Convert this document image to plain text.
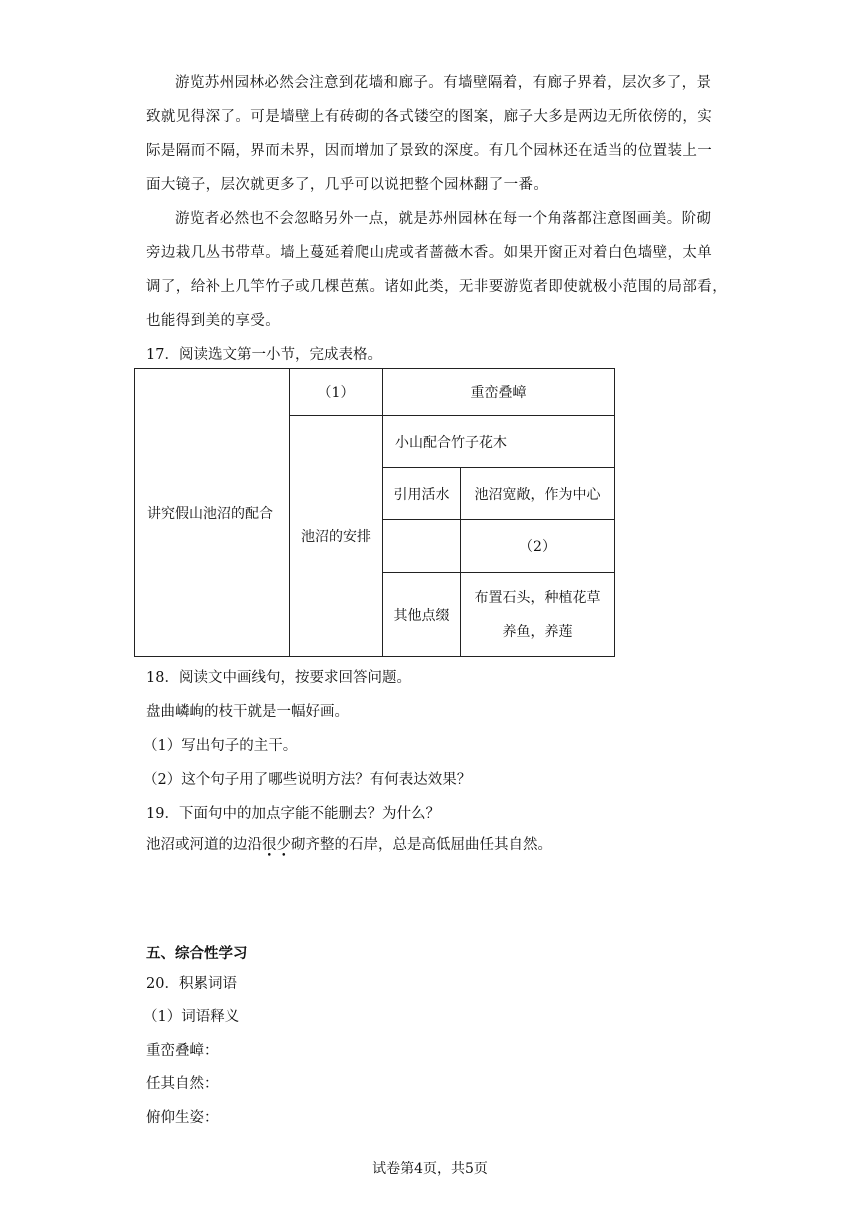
游览苏州园林必然会注意到花墙和廊子。有墙壁隔着，有廊子界着，层次多了，景
致就见得深了。可是墙壁上有砖砌的各式镂空的图案，廊子大多是两边无所依傍的，实
际是隔而不隔，界而未界，因而增加了景致的深度。有几个园林还在适当的位置装上一
面大镜子，层次就更多了，几乎可以说把整个园林翻了一番。
游览者必然也不会忽略另外一点，就是苏州园林在每一个角落都注意图画美。阶砌
旁边栽几丛书带草。墙上蔓延着爬山虎或者蔷薇木香。如果开窗正对着白色墙壁，太单
调了，给补上几竿竹子或几棵芭蕉。诸如此类，无非要游览者即使就极小范围的局部看，
也能得到美的享受。
17．阅读选文第一小节，完成表格。
讲究假山池沼的配合	（1）	重峦叠嶂	
	池沼的安排	小山配合竹子花木	
		引用活水	池沼宽敞，作为中心
			（2）
		其他点缀	布置石头，种植花草
养鱼，养莲
18．阅读文中画线句，按要求回答问题。
盘曲嶙峋的枝干就是一幅好画。
（1）写出句子的主干。
（2）这个句子用了哪些说明方法？有何表达效果？
19．下面句中的加点字能不能删去？为什么？
池沼或河道的边沿很少砌齐整的石岸，总是高低屈曲任其自然。
五、综合性学习
20．积累词语
（1）词语释义
重峦叠嶂：
任其自然：
俯仰生姿：
试卷第4页，共5页
